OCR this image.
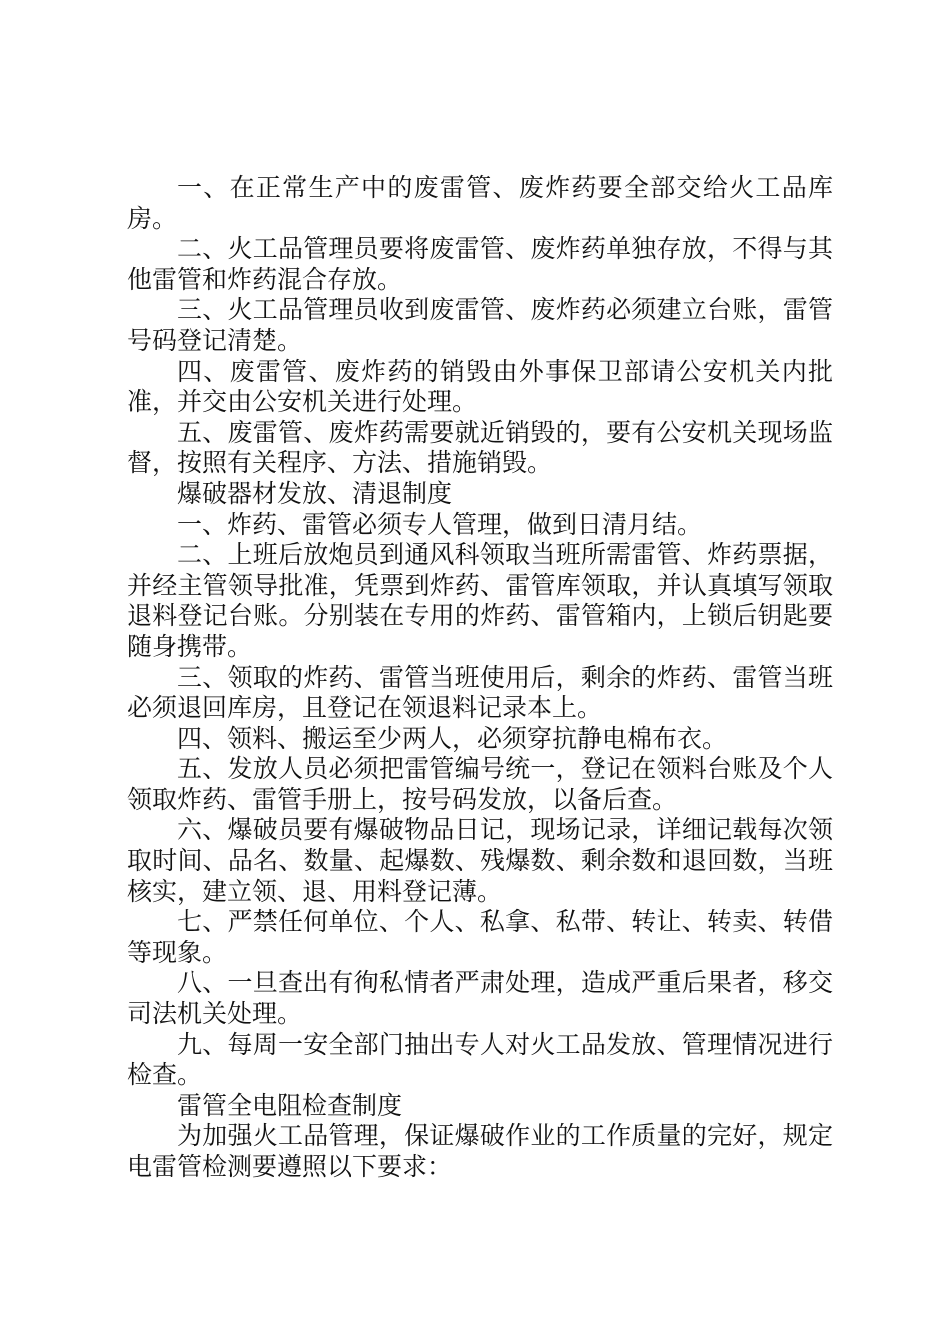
一、在正常生产中的废雷管、废炸药要全部交给火工品库房。

二、火工品管理员要将废雷管、废炸药单独存放，不得与其他雷管和炸药混合存放。

三、火工品管理员收到废雷管、废炸药必须建立台账，雷管号码登记清楚。

四、废雷管、废炸药的销毁由外事保卫部请公安机关内批准，并交由公安机关进行处理。

五、废雷管、废炸药需要就近销毁的，要有公安机关现场监督，按照有关程序、方法、措施销毁。

爆破器材发放、清退制度

一、炸药、雷管必须专人管理，做到日清月结。

二、上班后放炮员到通风科领取当班所需雷管、炸药票据，并经主管领导批准，凭票到炸药、雷管库领取，并认真填写领取退料登记台账。分别装在专用的炸药、雷管箱内，上锁后钥匙要随身携带。

三、领取的炸药、雷管当班使用后，剩余的炸药、雷管当班必须退回库房，且登记在领退料记录本上。

四、领料、搬运至少两人，必须穿抗静电棉布衣。

五、发放人员必须把雷管编号统一，登记在领料台账及个人领取炸药、雷管手册上，按号码发放，以备后查。

六、爆破员要有爆破物品日记，现场记录，详细记载每次领取时间、品名、数量、起爆数、残爆数、剩余数和退回数，当班核实，建立领、退、用料登记薄。

七、严禁任何单位、个人、私拿、私带、转让、转卖、转借等现象。

八、一旦查出有徇私情者严肃处理，造成严重后果者，移交司法机关处理。

九、每周一安全部门抽出专人对火工品发放、管理情况进行检查。

雷管全电阻检查制度

为加强火工品管理，保证爆破作业的工作质量的完好，规定电雷管检测要遵照以下要求：
